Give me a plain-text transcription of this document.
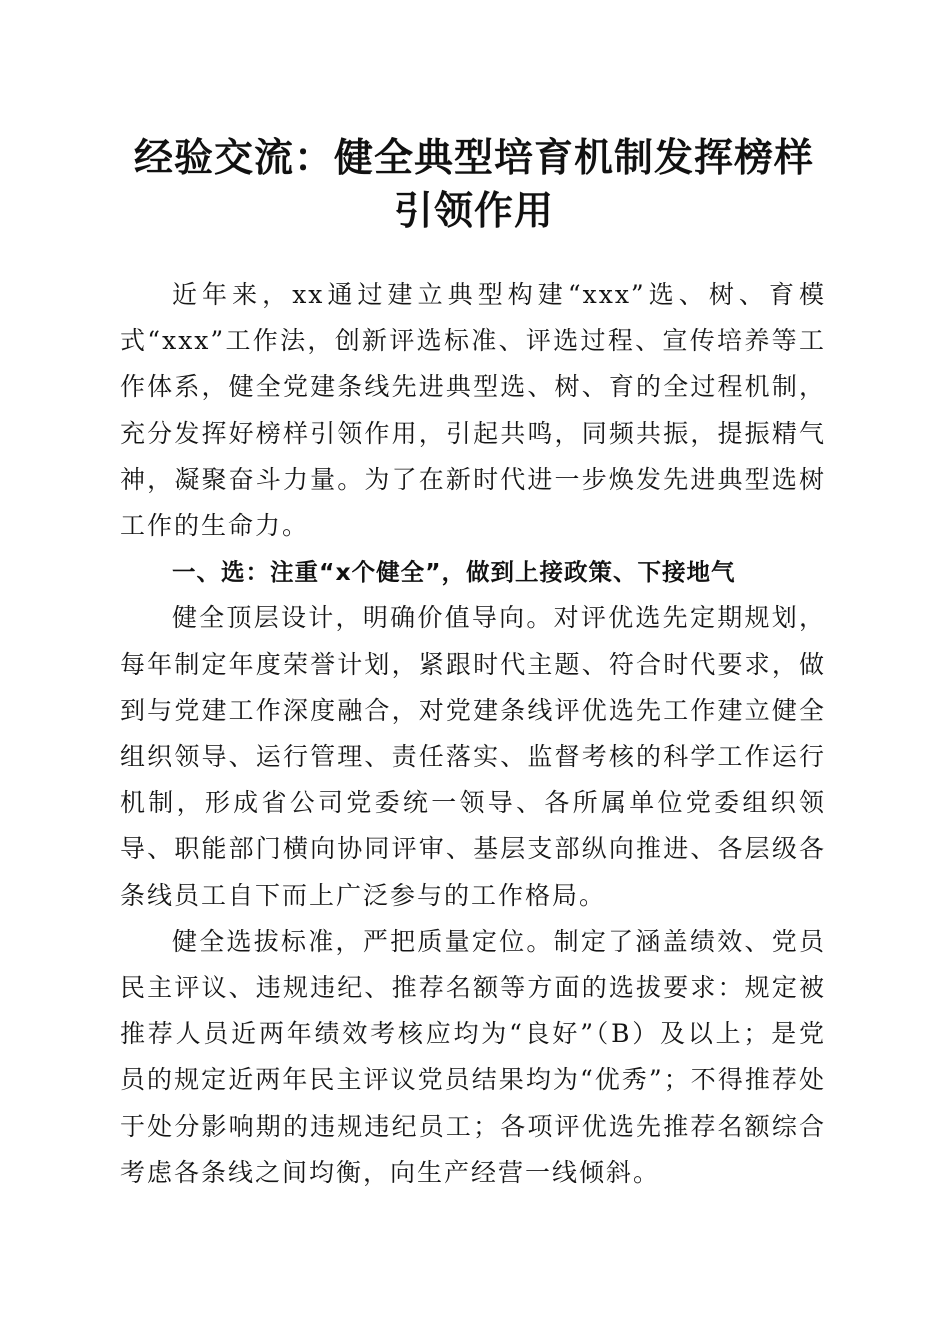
经验交流：健全典型培育机制发挥榜样引领作用

近年来，xx通过建立典型构建“xxx”选、树、育模式“xxx”工作法，创新评选标准、评选过程、宣传培养等工作体系，健全党建条线先进典型选、树、育的全过程机制，充分发挥好榜样引领作用，引起共鸣，同频共振，提振精气神，凝聚奋斗力量。为了在新时代进一步焕发先进典型选树工作的生命力。

一、选：注重“x个健全”，做到上接政策、下接地气

健全顶层设计，明确价值导向。对评优选先定期规划，每年制定年度荣誉计划，紧跟时代主题、符合时代要求，做到与党建工作深度融合，对党建条线评优选先工作建立健全组织领导、运行管理、责任落实、监督考核的科学工作运行机制，形成省公司党委统一领导、各所属单位党委组织领导、职能部门横向协同评审、基层支部纵向推进、各层级各条线员工自下而上广泛参与的工作格局。

健全选拔标准，严把质量定位。制定了涵盖绩效、党员民主评议、违规违纪、推荐名额等方面的选拔要求：规定被推荐人员近两年绩效考核应均为“良好”（B）及以上；是党员的规定近两年民主评议党员结果均为“优秀”；不得推荐处于处分影响期的违规违纪员工；各项评优选先推荐名额综合考虑各条线之间均衡，向生产经营一线倾斜。
